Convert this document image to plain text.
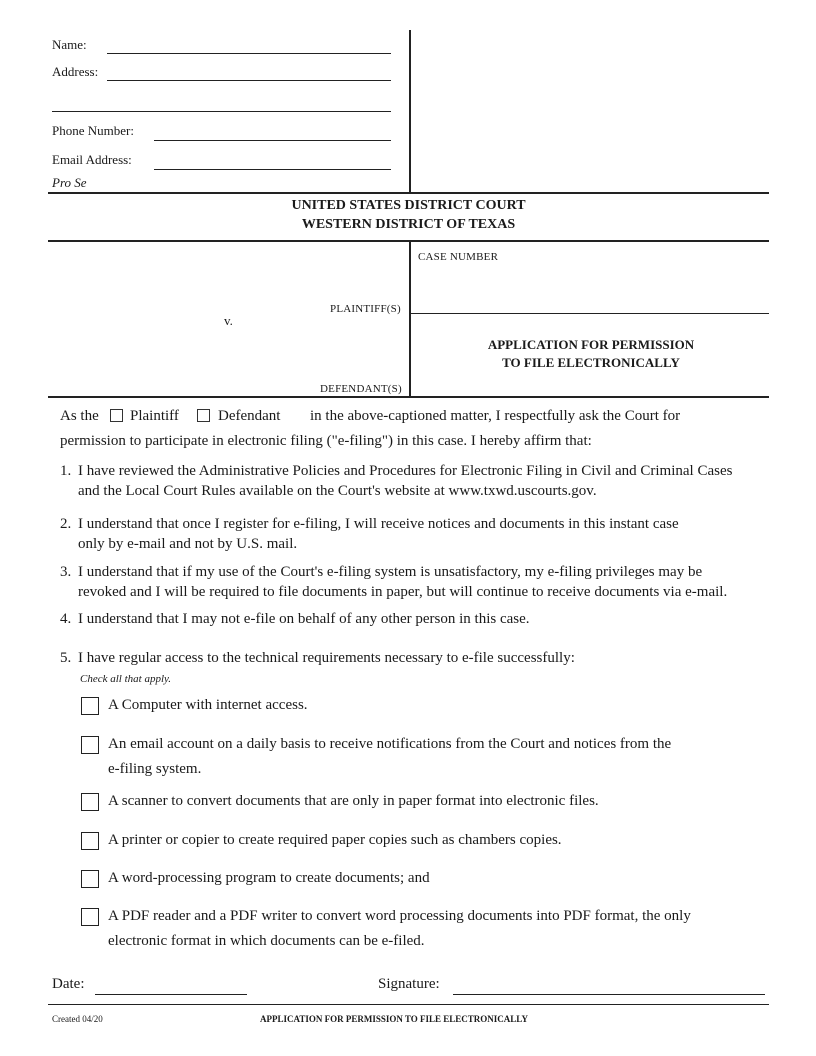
Name:
Address:
Phone Number:
Email Address:
Pro Se
UNITED STATES DISTRICT COURT
WESTERN DISTRICT OF TEXAS
CASE NUMBER
PLAINTIFF(S)
v.
DEFENDANT(S)
APPLICATION FOR PERMISSION
TO FILE ELECTRONICALLY
As the Plaintiff	Defendant in the above-captioned matter, I respectfully ask the Court for
permission to participate in electronic filing ("e-filing") in this case. I hereby affirm that:
1. I have reviewed the Administrative Policies and Procedures for Electronic Filing in Civil and Criminal Cases
and the Local Court Rules available on the Court's website at www.txwd.uscourts.gov.
2. I understand that once I register for e-filing, I will receive notices and documents in this instant case
only by e-mail and not by U.S. mail.
3. I understand that if my use of the Court's e-filing system is unsatisfactory, my e-filing privileges may be
revoked and I will be required to file documents in paper, but will continue to receive documents via e-mail.
4. I understand that I may not e-file on behalf of any other person in this case.
5. I have regular access to the technical requirements necessary to e-file successfully:
Check all that apply.
A Computer with internet access.
An email account on a daily basis to receive notifications from the Court and notices from the
e-filing system.
A scanner to convert documents that are only in paper format into electronic files.
A printer or copier to create required paper copies such as chambers copies.
A word-processing program to create documents; and
A PDF reader and a PDF writer to convert word processing documents into PDF format, the only
electronic format in which documents can be e-filed.
Date:	Signature:
Created 04/20	APPLICATION FOR PERMISSION TO FILE ELECTRONICALLY
